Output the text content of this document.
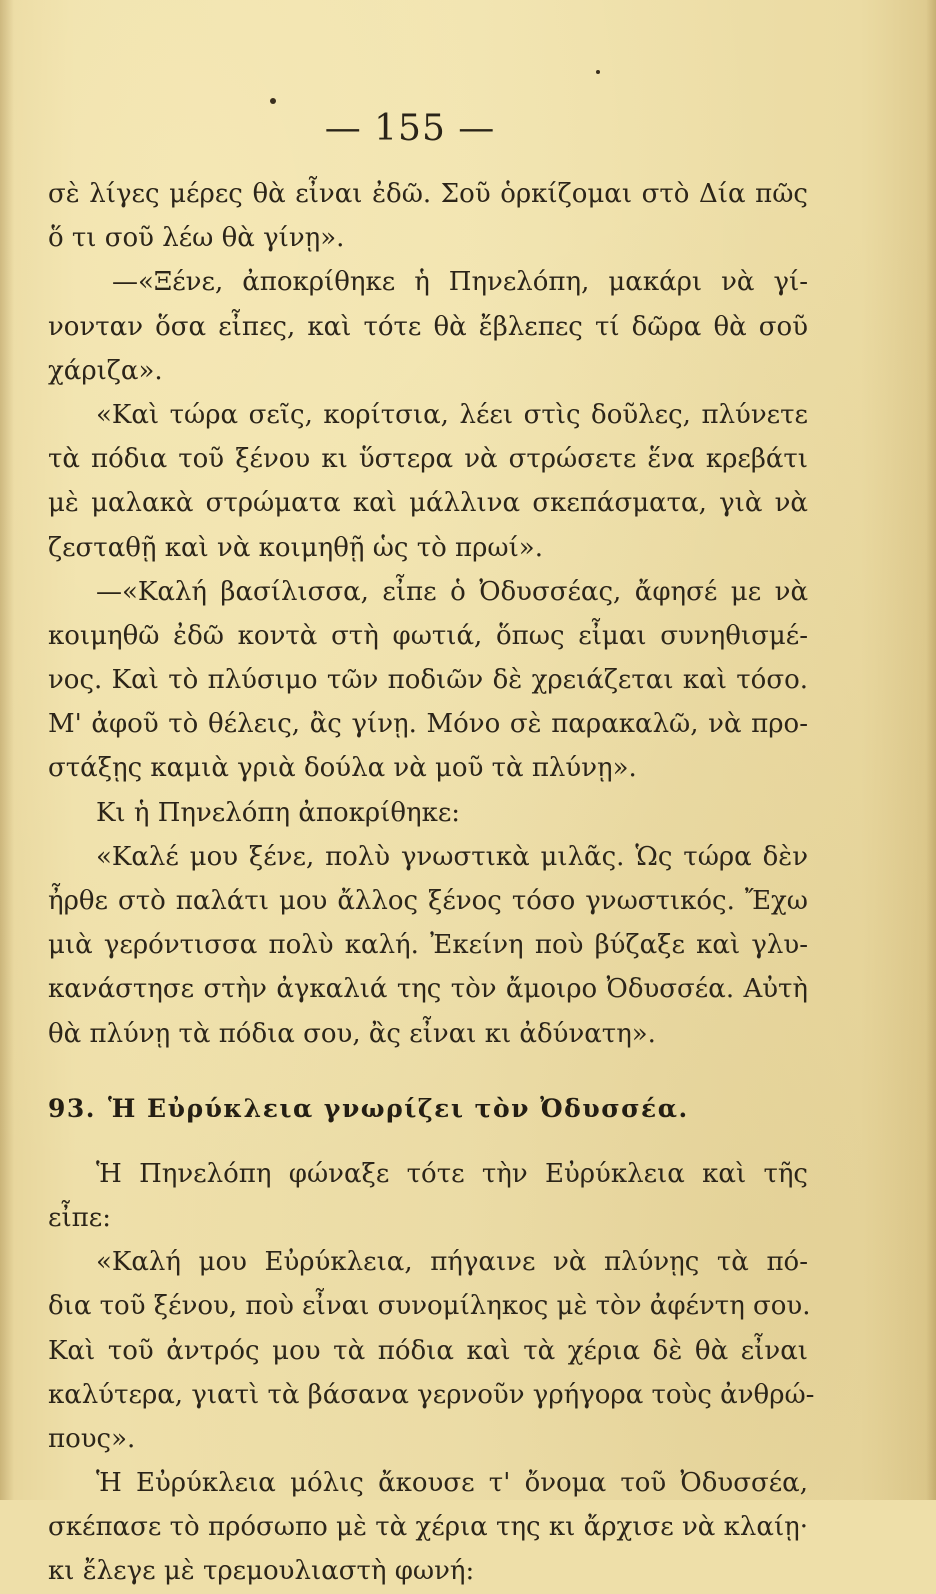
— 155 —
σὲ λίγες μέρες θὰ εἶναι ἐδῶ. Σοῦ ὁρκίζομαι στὸ Δία πῶς
ὅ τι σοῦ λέω θὰ γίνῃ».
—«Ξένε, ἀποκρίθηκε ἡ Πηνελόπη, μακάρι νὰ γί-
νονταν ὅσα εἶπες, καὶ τότε θὰ ἔβλεπες τί δῶρα θὰ σοῦ
χάριζα».
«Καὶ τώρα σεῖς, κορίτσια, λέει στὶς δοῦλες, πλύνετε
τὰ πόδια τοῦ ξένου κι ὕστερα νὰ στρώσετε ἕνα κρεβάτι
μὲ μαλακὰ στρώματα καὶ μάλλινα σκεπάσματα, γιὰ νὰ
ζεσταθῇ καὶ νὰ κοιμηθῇ ὡς τὸ πρωί».
—«Καλή βασίλισσα, εἶπε ὁ Ὀδυσσέας, ἄφησέ με νὰ
κοιμηθῶ ἐδῶ κοντὰ στὴ φωτιά, ὅπως εἶμαι συνηθισμέ-
νος. Καὶ τὸ πλύσιμο τῶν ποδιῶν δὲ χρειάζεται καὶ τόσο.
Μ' ἀφοῦ τὸ θέλεις, ἂς γίνῃ. Μόνο σὲ παρακαλῶ, νὰ προ-
στάξῃς καμιὰ γριὰ δούλα νὰ μοῦ τὰ πλύνῃ».
Κι ἡ Πηνελόπη ἀποκρίθηκε:
«Καλέ μου ξένε, πολὺ γνωστικὰ μιλᾶς. Ὡς τώρα δὲν
ἦρθε στὸ παλάτι μου ἄλλος ξένος τόσο γνωστικός. Ἔχω
μιὰ γερόντισσα πολὺ καλή. Ἐκείνη ποὺ βύζαξε καὶ γλυ-
κανάστησε στὴν ἀγκαλιά της τὸν ἄμοιρο Ὀδυσσέα. Αὐτὴ
θὰ πλύνῃ τὰ πόδια σου, ἂς εἶναι κι ἀδύνατη».
93. Ἡ Εὐρύκλεια γνωρίζει τὸν Ὀδυσσέα.
Ἡ Πηνελόπη φώναξε τότε τὴν Εὐρύκλεια καὶ τῆς
εἶπε:
«Καλή μου Εὐρύκλεια, πήγαινε νὰ πλύνῃς τὰ πό-
δια τοῦ ξένου, ποὺ εἶναι συνομίληκος μὲ τὸν ἀφέντη σου.
Καὶ τοῦ ἀντρός μου τὰ πόδια καὶ τὰ χέρια δὲ θὰ εἶναι
καλύτερα, γιατὶ τὰ βάσανα γερνοῦν γρήγορα τοὺς ἀνθρώ-
πους».
Ἡ Εὐρύκλεια μόλις ἄκουσε τ' ὄνομα τοῦ Ὀδυσσέα,
σκέπασε τὸ πρόσωπο μὲ τὰ χέρια της κι ἄρχισε νὰ κλαίῃ·
κι ἔλεγε μὲ τρεμουλιαστὴ φωνή:
